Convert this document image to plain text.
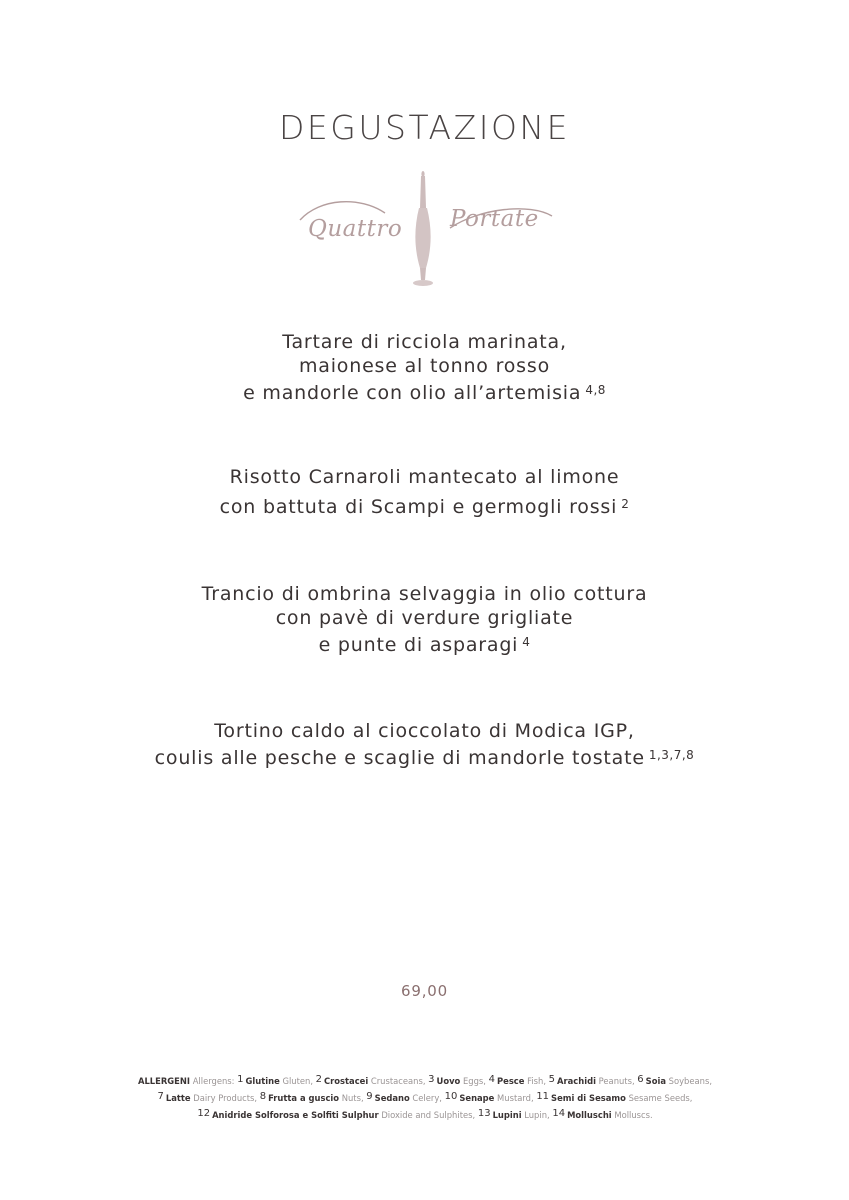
DEGUSTAZIONE
Quattro Portate
Tartare di ricciola marinata,
maionese al tonno rosso
e mandorle con olio all’artemisia $^{4,8}$
Risotto Carnaroli mantecato al limone
con battuta di Scampi e germogli rossi $^2$
Trancio di ombrina selvaggia in olio cottura
con pavè di verdure grigliate
e punte di asparagi $^4$
Tortino caldo al cioccolato di Modica IGP,
coulis alle pesche e scaglie di mandorle tostate $^{1,3,7,8}$
69,00
ALLERGENI Allergens: 1 Glutine Gluten, 2 Crostacei Crustaceans, 3 Uovo Eggs, 4 Pesce Fish, 5 Arachidi Peanuts, 6 Soia Soybeans,
7 Latte Dairy Products, 8 Frutta a guscio Nuts, 9 Sedano Celery, 10 Senape Mustard, 11 Semi di Sesamo Sesame Seeds,
12 Anidride Solforosa e Solfiti Sulphur Dioxide and Sulphites, 13 Lupini Lupin, 14 Molluschi Molluscs.
